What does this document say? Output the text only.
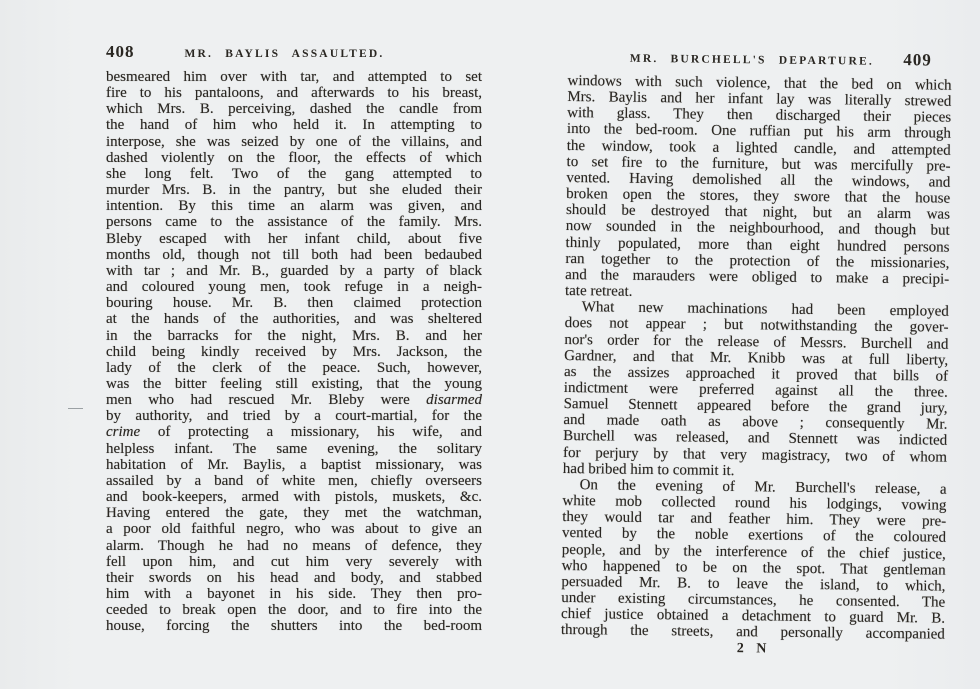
408	MR. BAYLIS ASSAULTED.
besmeared him over with tar, and attempted to set
fire to his pantaloons, and afterwards to his breast,
which Mrs. B. perceiving, dashed the candle from
the hand of him who held it. In attempting to
interpose, she was seized by one of the villains, and
dashed violently on the floor, the effects of which
she long felt. Two of the gang attempted to
murder Mrs. B. in the pantry, but she eluded their
intention. By this time an alarm was given, and
persons came to the assistance of the family. Mrs.
Bleby escaped with her infant child, about five
months old, though not till both had been bedaubed
with tar ; and Mr. B., guarded by a party of black
and coloured young men, took refuge in a neigh-
bouring house. Mr. B. then claimed protection
at the hands of the authorities, and was sheltered
in the barracks for the night, Mrs. B. and her
child being kindly received by Mrs. Jackson, the
lady of the clerk of the peace. Such, however,
was the bitter feeling still existing, that the young
men who had rescued Mr. Bleby were disarmed
by authority, and tried by a court-martial, for the
crime of protecting a missionary, his wife, and
helpless infant. The same evening, the solitary
habitation of Mr. Baylis, a baptist missionary, was
assailed by a band of white men, chiefly overseers
and book-keepers, armed with pistols, muskets, &c.
Having entered the gate, they met the watchman,
a poor old faithful negro, who was about to give an
alarm. Though he had no means of defence, they
fell upon him, and cut him very severely with
their swords on his head and body, and stabbed
him with a bayonet in his side. They then pro-
ceeded to break open the door, and to fire into the
house, forcing the shutters into the bed-room
MR. BURCHELL'S DEPARTURE. 409
windows with such violence, that the bed on which
Mrs. Baylis and her infant lay was literally strewed
with glass. They then discharged their pieces
into the bed-room. One ruffian put his arm through
the window, took a lighted candle, and attempted
to set fire to the furniture, but was mercifully pre-
vented. Having demolished all the windows, and
broken open the stores, they swore that the house
should be destroyed that night, but an alarm was
now sounded in the neighbourhood, and though but
thinly populated, more than eight hundred persons
ran together to the protection of the missionaries,
and the marauders were obliged to make a precipi-
tate retreat.
What new machinations had been employed
does not appear ; but notwithstanding the gover-
nor's order for the release of Messrs. Burchell and
Gardner, and that Mr. Knibb was at full liberty,
as the assizes approached it proved that bills of
indictment were preferred against all the three.
Samuel Stennett appeared before the grand jury,
and made oath as above ; consequently Mr.
Burchell was released, and Stennett was indicted
for perjury by that very magistracy, two of whom
had bribed him to commit it.
On the evening of Mr. Burchell's release, a
white mob collected round his lodgings, vowing
they would tar and feather him. They were pre-
vented by the noble exertions of the coloured
people, and by the interference of the chief justice,
who happened to be on the spot. That gentleman
persuaded Mr. B. to leave the island, to which,
under existing circumstances, he consented. The
chief justice obtained a detachment to guard Mr. B.
through the streets, and personally accompanied
2 N
